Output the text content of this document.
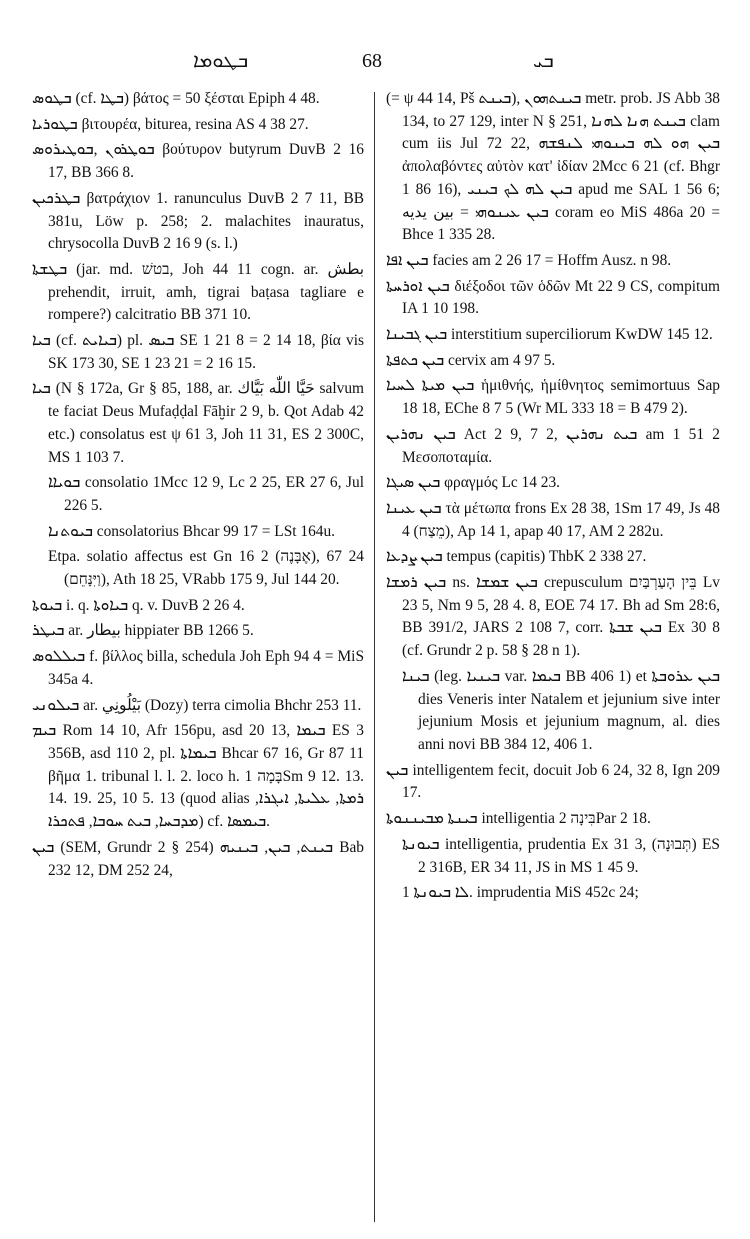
ܒܛܘܡܐ	68	ܒܝ

ܒܛܘܣ (cf. ܒܛܐ) βάτος = 50 ξέσται Epiph 4 48.

ܒܛܘܪܝܐ βιτουρέα, biturea, resina AS 4 38 27.

ܒܘܛܪܘܢ ,ܒܘܛܝܪܘܣ βούτυρον butyrum DuvB 2 16 17, BB 366 8.

ܒܛܪܟܝܢ βατράχιον 1. ranunculus DuvB 2 7 11, BB 381u, Löw p. 258; 2. malachites inauratus, chrysocolla DuvB 2 16 9 (s. l.)

ܒܛܫܬܐ (jar. md. בטשׁ, Joh 44 11 cogn. ar. بطش prehendit, irruit, amh, tigrai baṭasa tagliare e rompere?) calcitratio BB 371 10.

ܒܝܐ (cf. ܒܝܐܝܬ) pl. ܒܝܣ SE 1 21 8 = 2 14 18, βία vis SK 173 30, SE 1 23 21 = 2 16 15.

ܒܝܐ (N § 172a, Gr § 85, 188, ar. حَيَّا اللّٰه بَيَّاك salvum te faciat Deus Mufaḍḍal Fāḫir 2 9, b. Qot Adab 42 etc.) consolatus est ψ 61 3, Joh 11 31, ES 2 300C, MS 1 103 7.

ܒܘܝܐܐ consolatio 1Mcc 12 9, Lc 2 25, ER 27 6, Jul 226 5.

ܒܝܘܬܢܐ consolatorius Bhcar 99 17 = LSt 164u.

Etpa. solatio affectus est Gn 16 2 (אֶבָּנֶה), 24 67 (וַיִּנָּחֵם), Ath 18 25, VRabb 175 9, Jul 144 20.

ܒܝܘܬܐ i. q. ܒܝܐܘܬܐ q. v. DuvB 2 26 4.

ܒܝܛܪ ar. بيطار hippiater BB 1266 5.

ܒܝܠܠܘܣ f. βίλλος billa, schedula Joh Eph 94 4 = MiS 345a 4.

ܒܝܠܘܢܝ ar. بَيْلُونِي (Dozy) terra cimolia Bhchr 253 11.

ܒܝܡ Rom 14 10, Afr 156pu, asd 20 13, ܒܝܡܐ ES 3 356B, asd 110 2, pl. ܒܝܡܐܬܐ Bhcar 67 16, Gr 87 11 βῆμα 1. tribunal l. l. 2. loco h. בָּמָה 1Sm 9 12. 13. 14. 19. 25, 10 5. 13 (quod alias ܪܡܬܐ, ܥܠܝܬܐ, ܐܝܓܪܐ, ܡܕܒܚܐ, ܒܝܬ ܚܘܒܐ, ܦܬܟܪܐ) cf. ܒܝܡܣܐ.

ܒܝܢ (SEM, Grundr 2 § 254) ܒܝܢܬ, ܒܝܢ, ܒܝܢܝܗ Bab 232 12, DM 252 24,

(= ψ 44 14, Pš ܒܝܢܬ), ܒܝܢܬܗܘܢ metr. prob. JS Abb 38 134, to 27 129, inter N § 251, ܒܝܢܬ ܗܢܐ ܠܗܢܐ clam cum iis Jul 72 22, ܒܝܢ ܗܘ ܠܗ ܒܝܢܘܗܝ ܠܢܦܫܗ ἀπολαβόντες αὐτὸν κατ' ἰδίαν 2Mcc 6 21 (cf. Bhgr 1 86 16), ܒܝܢ ܠܗ ܠܟ ܒܝܢܝ apud me SAL 1 56 6; ܒܝܢ ܥܝܢܘܗܝ = بين يديه coram eo MiS 486a 20 = Bhce 1 335 28.

ܒܝܢ ܐܦܐ facies am 2 26 17 = Hoffm Ausz. n 98.

ܒܝܢ ܐܘܪܚܬܐ διέξοδοι τῶν ὁδῶν Mt 22 9 CS, compitum IA 1 10 198.

ܒܝܢ ܓܒܝܢܐ interstitium superciliorum KwDW 145 12.

ܒܝܢ ܟܬܦܬܐ cervix am 4 97 5.

ܒܝܢ ܡܝܬܐ ܠܚܝܐ ἡμιθνής, ἡμίθνητος semimortuus Sap 18 18, EChe 8 7 5 (Wr ML 333 18 = B 479 2).

ܒܝܢ ܢܗܪܝܢ Act 2 9, 7 2, ܒܝܬ ܢܗܪܝܢ am 1 51 2 Μεσοποταμία.

ܒܝܢ ܣܝܓܐ φραγμός Lc 14 23.

ܒܝܢ ܥܝܢܐ τὰ μέτωπα frons Ex 28 38, 1Sm 17 49, Js 48 4 (מֵצַח), Ap 14 1, apap 40 17, AM 2 282u.

ܒܝܢ ܨܕܥܐ tempus (capitis) ThbK 2 338 27.

ܒܝܢ ܪܡܫܐ ns. ܒܝܢ ܫܡܫܐ crepusculum בֵּין הָעַרְבַּיִם Lv 23 5, Nm 9 5, 28 4. 8, EOE 74 17. Bh ad Sm 28:6, BB 391/2, JARS 2 108 7, corr. ܒܝܢ ܫܒܬܐ Ex 30 8 (cf. Grundr 2 p. 58 § 28 n 1).

ܒܝܢܐ (leg. ܒܝܢܝܐ var. ܒܝܡܐ BB 406 1) et ܒܝܢ ܥܪܘܒܬܐ dies Veneris inter Natalem et jejunium sive inter jejunium Mosis et jejunium magnum, al. dies anni novi BB 384 12, 406 1.

ܒܝܢ intelligentem fecit, docuit Job 6 24, 32 8, Ign 209 17.

ܒܝܢܬܐ ܡܒܝܢܢܘܬܐ intelligentia בִּינָה 2Par 2 18.

ܒܝܘܢܬܐ intelligentia, prudentia Ex 31 3, (תְּבוּנָה) ES 2 316B, ER 34 11, JS in MS 1 45 9.

ܠܐ ܒܝܘܢܬܐ 1. imprudentia MiS 452c 24;
